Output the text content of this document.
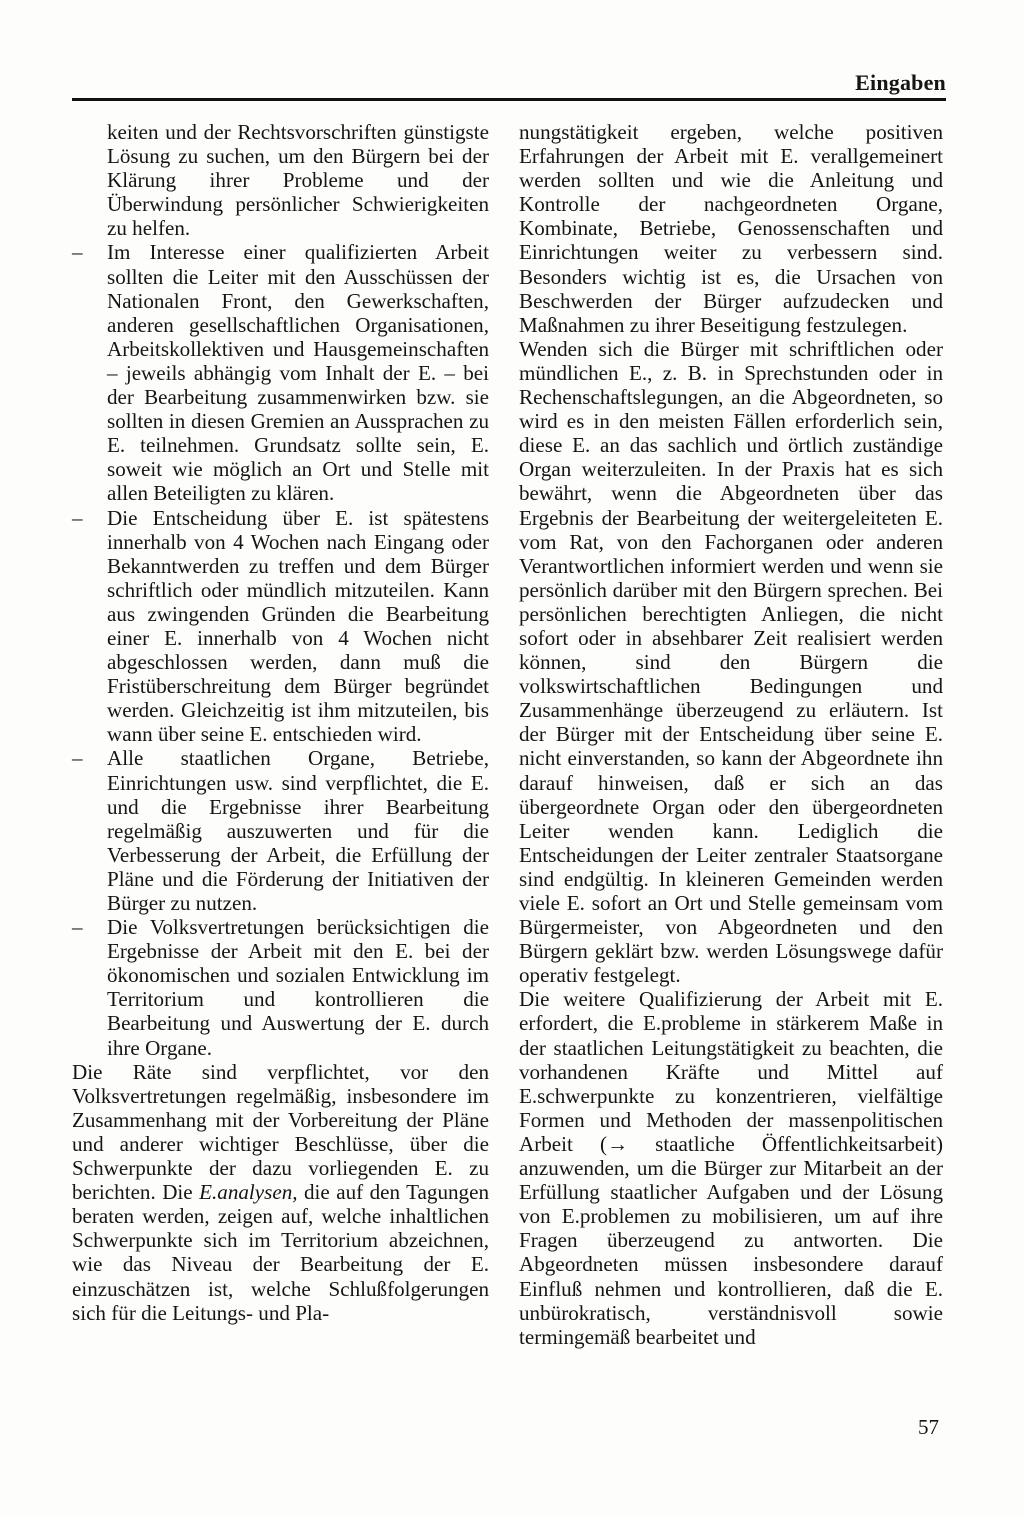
Eingaben

keiten und der Rechtsvorschriften günstigste Lösung zu suchen, um den Bürgern bei der Klärung ihrer Probleme und der Überwindung persönlicher Schwierigkeiten zu helfen.

–	Im Interesse einer qualifizierten Arbeit sollten die Leiter mit den Ausschüssen der Nationalen Front, den Gewerkschaften, anderen gesellschaftlichen Organisationen, Arbeitskollektiven und Hausgemeinschaften – jeweils abhängig vom Inhalt der E. – bei der Bearbeitung zusammenwirken bzw. sie sollten in diesen Gremien an Aussprachen zu E. teilnehmen. Grundsatz sollte sein, E. soweit wie möglich an Ort und Stelle mit allen Beteiligten zu klären.

–	Die Entscheidung über E. ist spätestens innerhalb von 4 Wochen nach Eingang oder Bekanntwerden zu treffen und dem Bürger schriftlich oder mündlich mitzuteilen. Kann aus zwingenden Gründen die Bearbeitung einer E. innerhalb von 4 Wochen nicht abgeschlossen werden, dann muß die Fristüberschreitung dem Bürger begründet werden. Gleichzeitig ist ihm mitzuteilen, bis wann über seine E. entschieden wird.

–	Alle staatlichen Organe, Betriebe, Einrichtungen usw. sind verpflichtet, die E. und die Ergebnisse ihrer Bearbeitung regelmäßig auszuwerten und für die Verbesserung der Arbeit, die Erfüllung der Pläne und die Förderung der Initiativen der Bürger zu nutzen.

–	Die Volksvertretungen berücksichtigen die Ergebnisse der Arbeit mit den E. bei der ökonomischen und sozialen Entwicklung im Territorium und kontrollieren die Bearbeitung und Auswertung der E. durch ihre Organe.

Die Räte sind verpflichtet, vor den Volksvertretungen regelmäßig, insbesondere im Zusammenhang mit der Vorbereitung der Pläne und anderer wichtiger Beschlüsse, über die Schwerpunkte der dazu vorliegenden E. zu berichten. Die E.analysen, die auf den Tagungen beraten werden, zeigen auf, welche inhaltlichen Schwerpunkte sich im Territorium abzeichnen, wie das Niveau der Bearbeitung der E. einzuschätzen ist, welche Schlußfolgerungen sich für die Leitungs- und Pla-

nungstätigkeit ergeben, welche positiven Erfahrungen der Arbeit mit E. verallgemeinert werden sollten und wie die Anleitung und Kontrolle der nachgeordneten Organe, Kombinate, Betriebe, Genossenschaften und Einrichtungen weiter zu verbessern sind. Besonders wichtig ist es, die Ursachen von Beschwerden der Bürger aufzudecken und Maßnahmen zu ihrer Beseitigung festzulegen.

Wenden sich die Bürger mit schriftlichen oder mündlichen E., z. B. in Sprechstunden oder in Rechenschaftslegungen, an die Abgeordneten, so wird es in den meisten Fällen erforderlich sein, diese E. an das sachlich und örtlich zuständige Organ weiterzuleiten. In der Praxis hat es sich bewährt, wenn die Abgeordneten über das Ergebnis der Bearbeitung der weitergeleiteten E. vom Rat, von den Fachorganen oder anderen Verantwortlichen informiert werden und wenn sie persönlich darüber mit den Bürgern sprechen. Bei persönlichen berechtigten Anliegen, die nicht sofort oder in absehbarer Zeit realisiert werden können, sind den Bürgern die volkswirtschaftlichen Bedingungen und Zusammenhänge überzeugend zu erläutern. Ist der Bürger mit der Entscheidung über seine E. nicht einverstanden, so kann der Abgeordnete ihn darauf hinweisen, daß er sich an das übergeordnete Organ oder den übergeordneten Leiter wenden kann. Lediglich die Entscheidungen der Leiter zentraler Staatsorgane sind endgültig. In kleineren Gemeinden werden viele E. sofort an Ort und Stelle gemeinsam vom Bürgermeister, von Abgeordneten und den Bürgern geklärt bzw. werden Lösungswege dafür operativ festgelegt.

Die weitere Qualifizierung der Arbeit mit E. erfordert, die E.probleme in stärkerem Maße in der staatlichen Leitungstätigkeit zu beachten, die vorhandenen Kräfte und Mittel auf E.schwerpunkte zu konzentrieren, vielfältige Formen und Methoden der massenpolitischen Arbeit (→ staatliche Öffentlichkeitsarbeit) anzuwenden, um die Bürger zur Mitarbeit an der Erfüllung staatlicher Aufgaben und der Lösung von E.problemen zu mobilisieren, um auf ihre Fragen überzeugend zu antworten. Die Abgeordneten müssen insbesondere darauf Einfluß nehmen und kontrollieren, daß die E. unbürokratisch, verständnisvoll sowie termingemäß bearbeitet und

57
